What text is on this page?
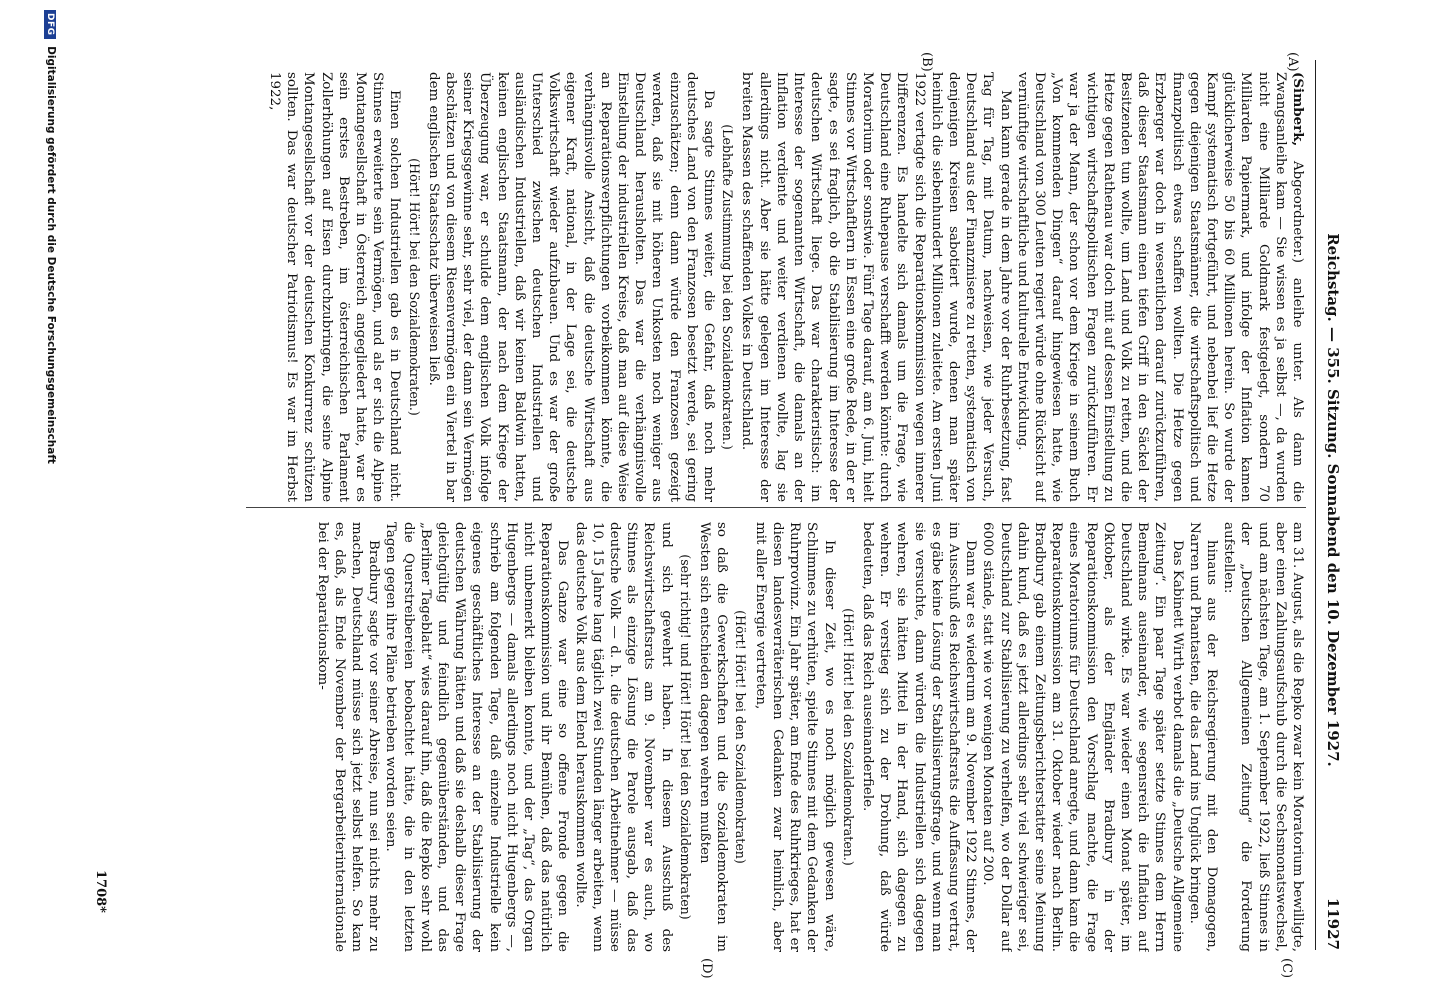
Reichstag. — 355. Sitzung. Sonnabend den 10. Dezember 1927.
11927
(A)
(B)
(C)
(D)

(Simberk, Abgeordneter.) anleihe unter. Als dann die Zwangsanleihe kam — Sie wissen es ja selbst —, da wurden nicht eine Milliarde Goldmark festgelegt, sondern 70 Milliarden Papiermark, und infolge der Inflation kamen glücklicherweise 50 bis 60 Millionen herein. So wurde der Kampf systematisch fortgeführt, und nebenbei lief die Hetze gegen diejenigen Staatsmänner, die wirtschaftspolitisch und finanzpolitisch etwas schaffen wollten. Die Hetze gegen Erzberger war doch in wesentlichen darauf zurückzuführen, daß dieser Staatsmann einen tiefen Griff in den Säckel der Besitzenden tun wollte, um Land und Volk zu retten, und die Hetze gegen Rathenau war doch mit auf dessen Einstellung zu wichtigen wirtschaftspolitischen Fragen zurückzuführen. Er war ja der Mann, der schon vor dem Kriege in seinem Buch „Von kommenden Dingen“ darauf hingewiesen hatte, wie Deutschland von 300 Leuten regiert würde ohne Rücksicht auf vernünftige wirtschaftliche und kulturelle Entwicklung.

Man kann gerade in dem Jahre vor der Ruhrbesetzung, fast Tag für Tag, mit Datum, nachweisen, wie jeder Versuch, Deutschland aus der Finanzmisere zu retten, systematisch von denjenigen Kreisen sabotiert wurde, denen man später heimlich die siebenhundert Millionen zuleitete. Am ersten Juni 1922 vertagte sich die Reparationskommission wegen innerer Differenzen. Es handelte sich damals um die Frage, wie Deutschland eine Ruhepause verschafft werden könnte: durch Moratorium oder sonstwie. Fünf Tage darauf, am 6. Juni, hielt Stinnes vor Wirtschaftlern in Essen eine große Rede, in der er sagte, es sei fraglich, ob die Stabilisierung im Interesse der deutschen Wirtschaft liege. Das war charakteristisch: im Interesse der sogenannten Wirtschaft, die damals an der Inflation verdiente und weiter verdienen wollte, lag sie allerdings nicht. Aber sie hätte gelegen im Interesse der breiten Massen des schaffenden Volkes in Deutschland.

(Lebhafte Zustimmung bei den Sozialdemokraten.)

Da sagte Stinnes weiter, die Gefahr, daß noch mehr deutsches Land von den Franzosen besetzt werde, sei gering einzuschätzen; denn dann würde den Franzosen gezeigt werden, daß sie mit höheren Unkosten noch weniger aus Deutschland herausholten. Das war die verhängnisvolle Einstellung der industriellen Kreise, daß man auf diese Weise an Reparationsverpflichtungen vorbeikommen könnte, die verhängnisvolle Ansicht, daß die deutsche Wirtschaft aus eigener Kraft, national, in der Lage sei, die deutsche Volkswirtschaft wieder aufzubauen. Und es war der große Unterschied zwischen deutschen Industriellen und ausländischen Industriellen, daß wir keinen Baldwin hatten, keinen englischen Staatsmann, der nach dem Kriege der Überzeugung war, er schulde dem englischen Volk infolge seiner Kriegsgewinne sehr, sehr viel, der dann sein Vermögen abschätzen und von diesem Riesenvermögen ein Viertel in bar dem englischen Staatsschatz überweisen ließ.

(Hört! Hört! bei den Sozialdemokraten.)

Einen solchen Industriellen gab es in Deutschland nicht. Stinnes erweiterte sein Vermögen, und als er sich die Alpine Montangesellschaft in Österreich angegliedert hatte, war es sein erstes Bestreben, im österreichischen Parlament Zollerhöhungen auf Eisen durchzubringen, die seine Alpine Montangesellschaft vor der deutschen Konkurrenz schützen sollten. Das war deutscher Patriotismus! Es war im Herbst 1922,

am 31. August, als die Repko zwar kein Moratorium bewilligte, aber einen Zahlungsaufschub durch die Sechsmonatswechsel, und am nächsten Tage, am 1. September 1922, ließ Stinnes in der „Deutschen Allgemeinen Zeitung“ die Forderung aufstellen:

hinaus aus der Reichsregierung mit den Domagogen, Narren und Phantasten, die das Land ins Unglück bringen.

Das Kabinett Wirth verbot damals die „Deutsche Allgemeine Zeitung“. Ein paar Tage später setzte Stinnes dem Herrn Bemelmans auseinander, wie segensreich die Inflation auf Deutschland wirke. Es war wieder einen Monat später, im Oktober, als der Engländer Bradbury in der Reparationskommission den Vorschlag machte, die Frage eines Moratoriums für Deutschland anregte, und dann kam die Reparationskommission am 31. Oktober wieder nach Berlin. Bradbury gab einem Zeitungsberichterstatter seine Meinung dahin kund, daß es jetzt allerdings sehr viel schwieriger sei, Deutschland zur Stabilisierung zu verhelfen, wo der Dollar auf 6000 stände, statt wie vor wenigen Monaten auf 200.

Dann war es wiederum am 9. November 1922 Stinnes, der im Ausschuß des Reichswirtschaftsrats die Auffassung vertrat, es gäbe keine Lösung der Stabilisierungsfrage, und wenn man sie versuchte, dann würden die Industriellen sich dagegen wehren, sie hätten Mittel in der Hand, sich dagegen zu wehren. Er verstieg sich zu der Drohung, daß würde bedeuten, daß das Reich auseinanderfiele.

(Hört! Hört! bei den Sozialdemokraten.)

In dieser Zeit, wo es noch möglich gewesen wäre, Schlimmes zu verhüten, spielte Stinnes mit dem Gedanken der Ruhrprovinz. Ein Jahr später, am Ende des Ruhrkrieges, hat er diesen landesverräterischen Gedanken zwar heimlich, aber mit aller Energie vertreten,

(Hört! Hört! bei den Sozialdemokraten)

so daß die Gewerkschaften und die Sozialdemokraten im Westen sich entschieden dagegen wehren mußten

(sehr richtig! und Hört! Hört! bei den Sozialdemokraten)

und sich gewehrt haben. In diesem Ausschuß des Reichswirtschaftsrats am 9. November war es auch, wo Stinnes als einzige Lösung die Parole ausgab, daß das deutsche Volk — d. h. die deutschen Arbeitnehmer — müsse 10, 15 Jahre lang täglich zwei Stunden länger arbeiten, wenn das deutsche Volk aus dem Elend herauskommen wollte.

Das Ganze war eine so offene Fronde gegen die Reparationskommission und ihr Bemühen, daß das natürlich nicht unbemerkt bleiben konnte, und der „Tag“, das Organ Hugenbergs — damals allerdings noch nicht Hugenbergs —, schrieb am folgenden Tage, daß einzelne Industrielle kein eigenes geschäftliches Interesse an der Stabilisierung der deutschen Währung hätten und daß sie deshalb dieser Frage gleichgültig und feindlich gegenüberständen, und das „Berliner Tageblatt“ wies darauf hin, daß die Repko sehr wohl die Querstreibereien beobachtet hätte, die in den letzten Tagen gegen ihre Pläne betrieben worden seien.

Bradbury sagte vor seiner Abreise, nun sei nichts mehr zu machen, Deutschland müsse sich jetzt selbst helfen. So kam es, daß, als Ende November der Bergarbeiterinternationale bei der Reparationskom-

1708*
DFG Digitalisierung gefördert durch die Deutsche Forschungsgemeinschaft
